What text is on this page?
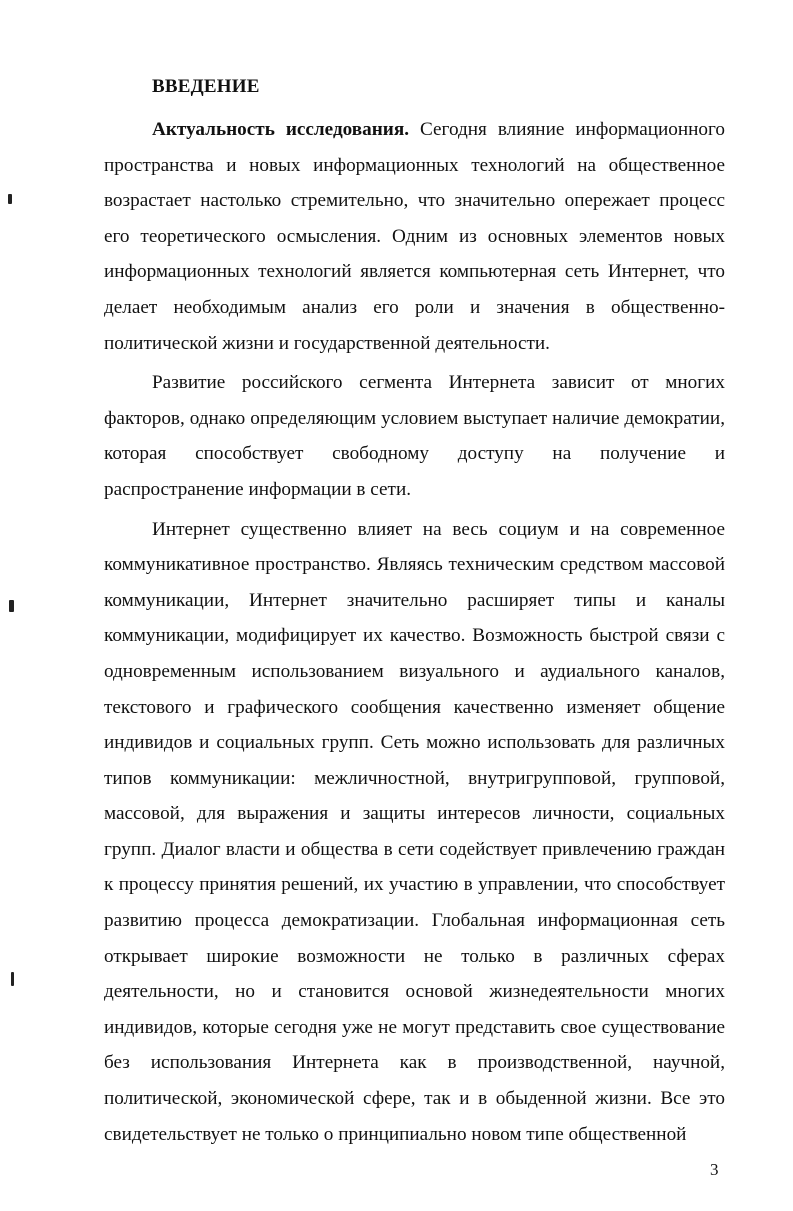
ВВЕДЕНИЕ

Актуальность исследования. Сегодня влияние информационного пространства и новых информационных технологий на общественное возрастает настолько стремительно, что значительно опережает процесс его теоретического осмысления. Одним из основных элементов новых информационных технологий является компьютерная сеть Интернет, что делает необходимым анализ его роли и значения в общественно-политической жизни и государственной деятельности.

Развитие российского сегмента Интернета зависит от многих факторов, однако определяющим условием выступает наличие демократии, которая способствует свободному доступу на получение и распространение информации в сети.

Интернет существенно влияет на весь социум и на современное коммуникативное пространство. Являясь техническим средством массовой коммуникации, Интернет значительно расширяет типы и каналы коммуникации, модифицирует их качество. Возможность быстрой связи с одновременным использованием визуального и аудиального каналов, текстового и графического сообщения качественно изменяет общение индивидов и социальных групп. Сеть можно использовать для различных типов коммуникации: межличностной, внутригрупповой, групповой, массовой, для выражения и защиты интересов личности, социальных групп. Диалог власти и общества в сети содействует привлечению граждан к процессу принятия решений, их участию в управлении, что способствует развитию процесса демократизации. Глобальная информационная сеть открывает широкие возможности не только в различных сферах деятельности, но и становится основой жизнедеятельности многих индивидов, которые сегодня уже не могут представить свое существование без использования Интернета как в производственной, научной, политической, экономической сфере, так и в обыденной жизни. Все это свидетельствует не только о принципиально новом типе общественной

3
